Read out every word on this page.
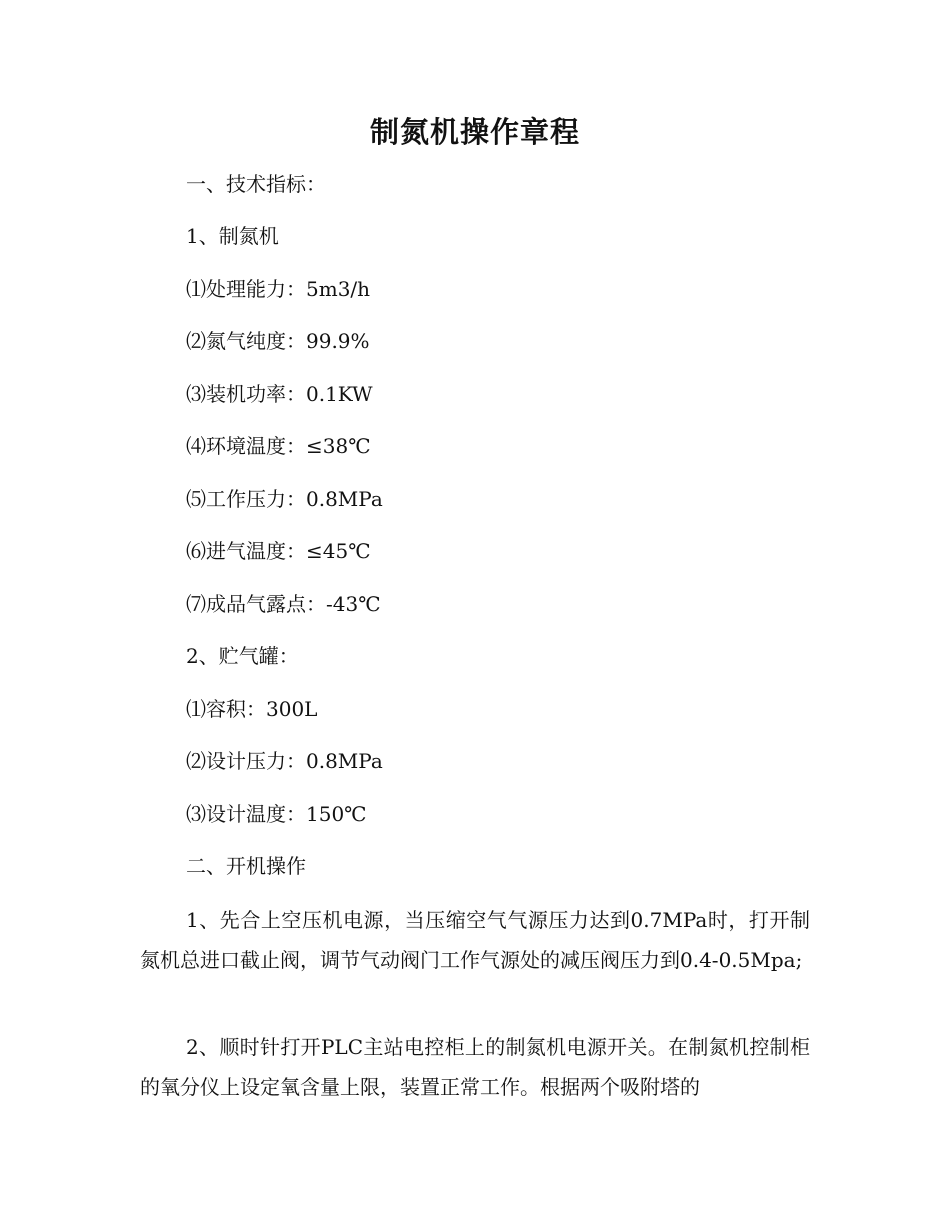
制氮机操作章程
一、技术指标：
1、制氮机
⑴处理能力：5m3/h
⑵氮气纯度：99.9%
⑶装机功率：0.1KW
⑷环境温度：≤38℃
⑸工作压力：0.8MPa
⑹进气温度：≤45℃
⑺成品气露点：-43℃
2、贮气罐：
⑴容积：300L
⑵设计压力：0.8MPa
⑶设计温度：150℃
二、开机操作
1、先合上空压机电源，当压缩空气气源压力达到0.7MPa时，打开制氮机总进口截止阀，调节气动阀门工作气源处的减压阀压力到0.4-0.5Mpa;
2、顺时针打开PLC主站电控柜上的制氮机电源开关。在制氮机控制柜的氧分仪上设定氧含量上限，装置正常工作。根据两个吸附塔的
